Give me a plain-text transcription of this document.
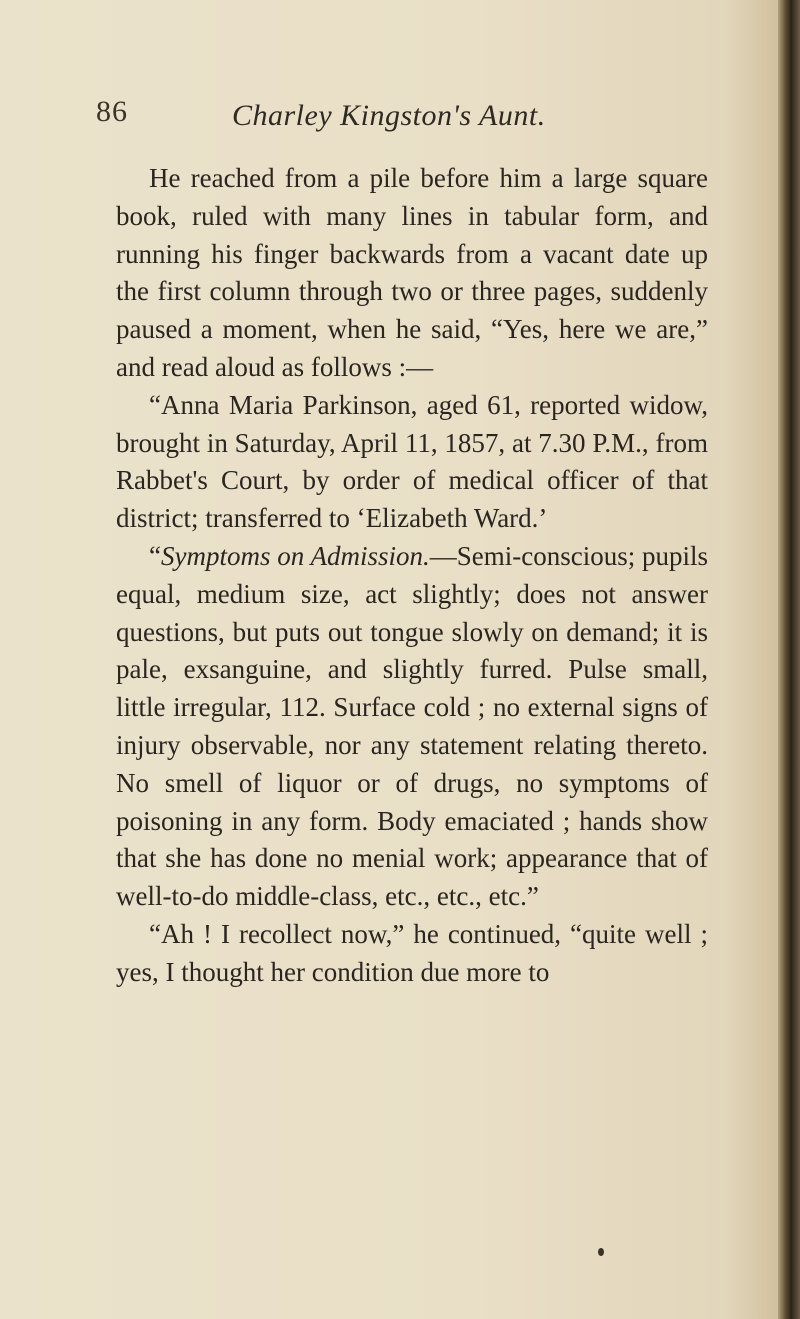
86	Charley Kingston's Aunt.

He reached from a pile before him a large square book, ruled with many lines in tabular form, and running his finger backwards from a vacant date up the first column through two or three pages, suddenly paused a moment, when he said, “Yes, here we are,” and read aloud as follows :—

“Anna Maria Parkinson, aged 61, reported widow, brought in Saturday, April 11, 1857, at 7.30 P.M., from Rabbet's Court, by order of medical officer of that district; transferred to ‘Elizabeth Ward.’

“Symptoms on Admission.—Semi-conscious; pupils equal, medium size, act slightly; does not answer questions, but puts out tongue slowly on demand; it is pale, exsanguine, and slightly furred. Pulse small, little irregular, 112. Surface cold ; no external signs of injury observable, nor any statement relating thereto. No smell of liquor or of drugs, no symptoms of poisoning in any form. Body emaciated ; hands show that she has done no menial work; appearance that of well-to-do middle-class, etc., etc., etc.”

“Ah ! I recollect now,” he continued, “quite well ; yes, I thought her condition due more to
